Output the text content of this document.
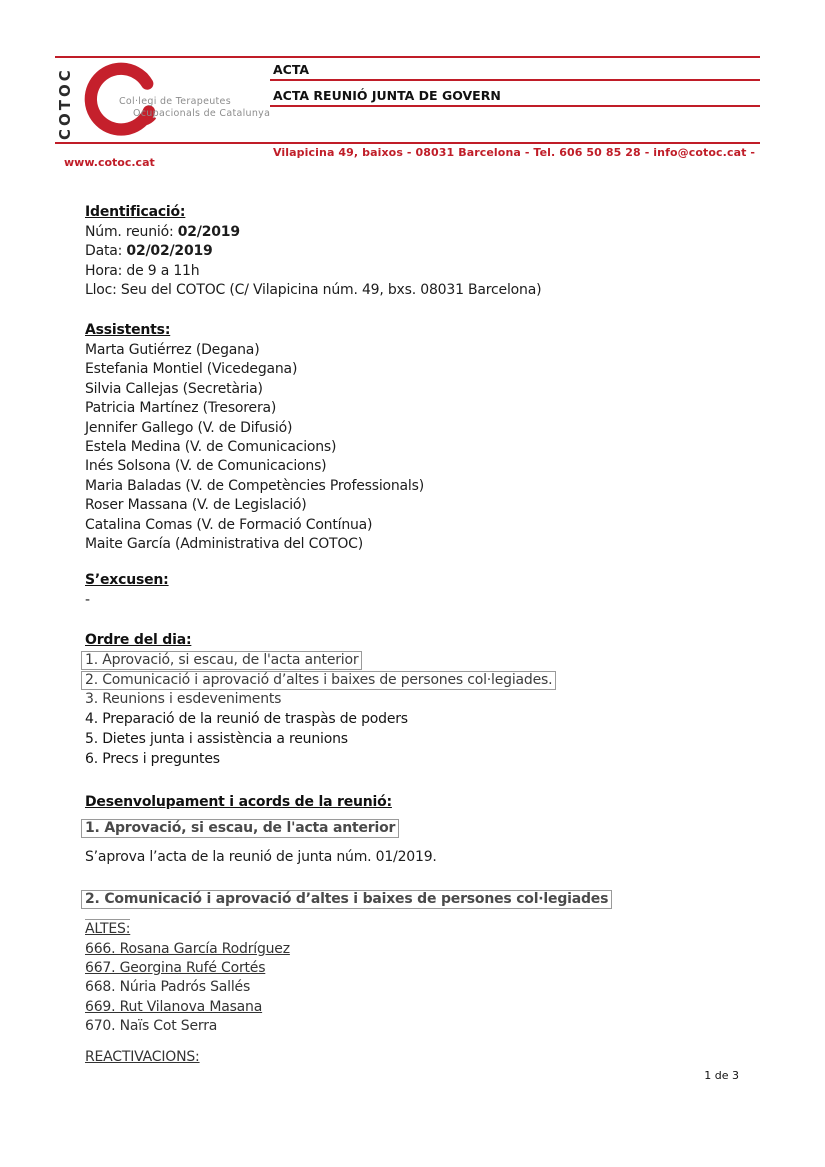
COTOC	Col·legi de Terapeutes
Ocupacionals de Catalunya
ACTA
ACTA REUNIÓ JUNTA DE GOVERN
Vilapicina 49, baixos - 08031 Barcelona - Tel. 606 50 85 28 - info@cotoc.cat -
www.cotoc.cat
Identificació:
Núm. reunió: 02/2019
Data: 02/02/2019
Hora: de 9 a 11h
Lloc: Seu del COTOC (C/ Vilapicina núm. 49, bxs. 08031 Barcelona)
Assistents:
Marta Gutiérrez (Degana)
Estefania Montiel (Vicedegana)
Silvia Callejas (Secretària)
Patricia Martínez (Tresorera)
Jennifer Gallego (V. de Difusió)
Estela Medina (V. de Comunicacions)
Inés Solsona (V. de Comunicacions)
Maria Baladas (V. de Competències Professionals)
Roser Massana (V. de Legislació)
Catalina Comas (V. de Formació Contínua)
Maite García (Administrativa del COTOC)
S’excusen:
-
Ordre del dia:
1. Aprovació, si escau, de l'acta anterior
2. Comunicació i aprovació d’altes i baixes de persones col·legiades.
3. Reunions i esdeveniments
4. Preparació de la reunió de traspàs de poders
5. Dietes junta i assistència a reunions
6. Precs i preguntes
Desenvolupament i acords de la reunió:
1. Aprovació, si escau, de l'acta anterior
S’aprova l’acta de la reunió de junta núm. 01/2019.
2. Comunicació i aprovació d’altes i baixes de persones col·legiades
ALTES:
666. Rosana García Rodríguez
667. Georgina Rufé Cortés
668. Núria Padrós Sallés
669. Rut Vilanova Masana
670. Naïs Cot Serra
REACTIVACIONS:
1 de 3
